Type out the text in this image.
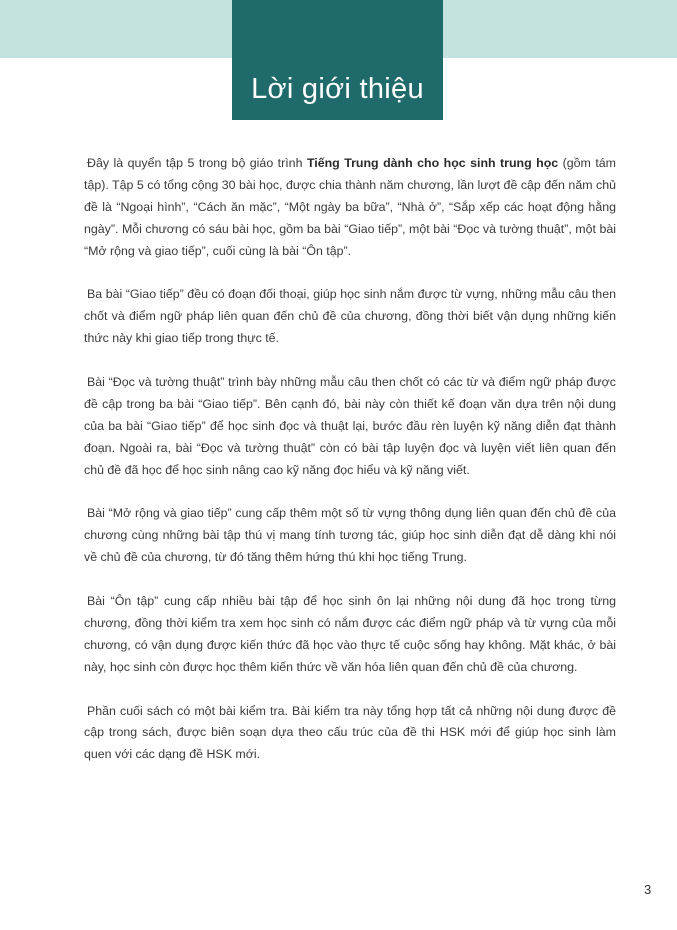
Lời giới thiệu

Đây là quyển tập 5 trong bộ giáo trình Tiếng Trung dành cho học sinh trung học (gồm tám tập). Tập 5 có tổng cộng 30 bài học, được chia thành năm chương, lần lượt đề cập đến năm chủ đề là “Ngoại hình”, “Cách ăn mặc”, “Một ngày ba bữa”, “Nhà ở”, “Sắp xếp các hoạt động hằng ngày”. Mỗi chương có sáu bài học, gồm ba bài “Giao tiếp”, một bài “Đọc và tường thuật”, một bài “Mở rộng và giao tiếp”, cuối cùng là bài “Ôn tập”.

Ba bài “Giao tiếp” đều có đoạn đối thoại, giúp học sinh nắm được từ vựng, những mẫu câu then chốt và điểm ngữ pháp liên quan đến chủ đề của chương, đồng thời biết vận dụng những kiến thức này khi giao tiếp trong thực tế.

Bài “Đọc và tường thuật” trình bày những mẫu câu then chốt có các từ và điểm ngữ pháp được đề cập trong ba bài “Giao tiếp”. Bên cạnh đó, bài này còn thiết kế đoạn văn dựa trên nội dung của ba bài “Giao tiếp” để học sinh đọc và thuật lại, bước đầu rèn luyện kỹ năng diễn đạt thành đoạn. Ngoài ra, bài “Đọc và tường thuật” còn có bài tập luyện đọc và luyện viết liên quan đến chủ đề đã học để học sinh nâng cao kỹ năng đọc hiểu và kỹ năng viết.

Bài “Mở rộng và giao tiếp” cung cấp thêm một số từ vựng thông dụng liên quan đến chủ đề của chương cùng những bài tập thú vị mang tính tương tác, giúp học sinh diễn đạt dễ dàng khi nói về chủ đề của chương, từ đó tăng thêm hứng thú khi học tiếng Trung.

Bài “Ôn tập” cung cấp nhiều bài tập để học sinh ôn lại những nội dung đã học trong từng chương, đồng thời kiểm tra xem học sinh có nắm được các điểm ngữ pháp và từ vựng của mỗi chương, có vận dụng được kiến thức đã học vào thực tế cuộc sống hay không. Mặt khác, ở bài này, học sinh còn được học thêm kiến thức về văn hóa liên quan đến chủ đề của chương.

Phần cuối sách có một bài kiểm tra. Bài kiểm tra này tổng hợp tất cả những nội dung được đề cập trong sách, được biên soạn dựa theo cấu trúc của đề thi HSK mới để giúp học sinh làm quen với các dạng đề HSK mới.

3
